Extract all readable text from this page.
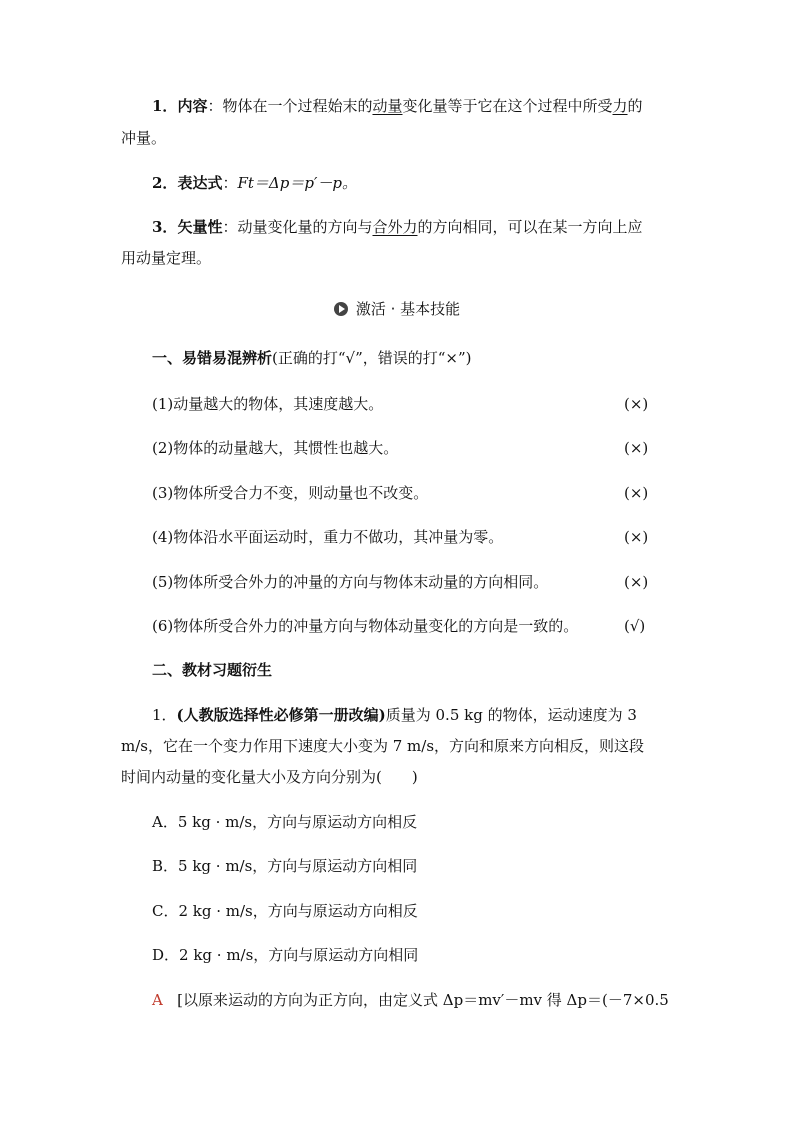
1．内容：物体在一个过程始末的动量变化量等于它在这个过程中所受力的
冲量。
2．表达式：Ft＝Δp＝p′－p。
3．矢量性：动量变化量的方向与合外力的方向相同，可以在某一方向上应
用动量定理。
激活 · 基本技能
一、易错易混辨析(正确的打“√”，错误的打“×”)
(1)动量越大的物体，其速度越大。	(×)
(2)物体的动量越大，其惯性也越大。	(×)
(3)物体所受合力不变，则动量也不改变。	(×)
(4)物体沿水平面运动时，重力不做功，其冲量为零。	(×)
(5)物体所受合外力的冲量的方向与物体末动量的方向相同。	(×)
(6)物体所受合外力的冲量方向与物体动量变化的方向是一致的。	(√)
二、教材习题衍生
1．(人教版选择性必修第一册改编)质量为 0.5 kg 的物体，运动速度为 3
m/s，它在一个变力作用下速度大小变为 7 m/s，方向和原来方向相反，则这段
时间内动量的变化量大小及方向分别为(　　)
A．5 kg · m/s，方向与原运动方向相反
B．5 kg · m/s，方向与原运动方向相同
C．2 kg · m/s，方向与原运动方向相反
D．2 kg · m/s，方向与原运动方向相同
A [以原来运动的方向为正方向，由定义式 Δp＝mv′－mv 得 Δp＝(－7×0.5
